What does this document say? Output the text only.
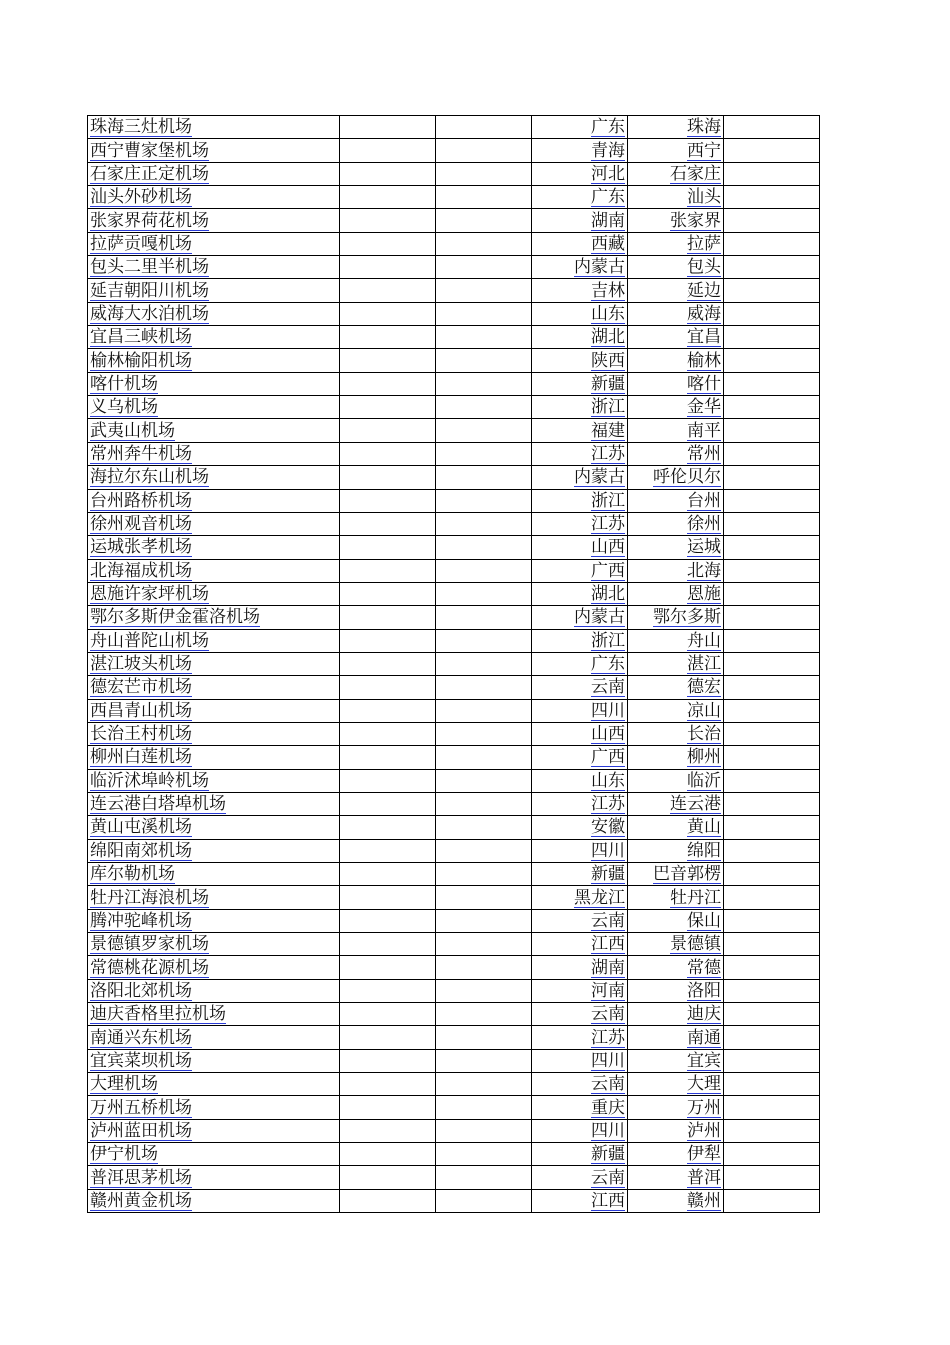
珠海三灶机场			广东	珠海	
西宁曹家堡机场			青海	西宁	
石家庄正定机场			河北	石家庄	
汕头外砂机场			广东	汕头	
张家界荷花机场			湖南	张家界	
拉萨贡嘎机场			西藏	拉萨	
包头二里半机场			内蒙古	包头	
延吉朝阳川机场			吉林	延边	
威海大水泊机场			山东	威海	
宜昌三峡机场			湖北	宜昌	
榆林榆阳机场			陕西	榆林	
喀什机场			新疆	喀什	
义乌机场			浙江	金华	
武夷山机场			福建	南平	
常州奔牛机场			江苏	常州	
海拉尔东山机场			内蒙古	呼伦贝尔	
台州路桥机场			浙江	台州	
徐州观音机场			江苏	徐州	
运城张孝机场			山西	运城	
北海福成机场			广西	北海	
恩施许家坪机场			湖北	恩施	
鄂尔多斯伊金霍洛机场			内蒙古	鄂尔多斯	
舟山普陀山机场			浙江	舟山	
湛江坡头机场			广东	湛江	
德宏芒市机场			云南	德宏	
西昌青山机场			四川	凉山	
长治王村机场			山西	长治	
柳州白莲机场			广西	柳州	
临沂沭埠岭机场			山东	临沂	
连云港白塔埠机场			江苏	连云港	
黄山屯溪机场			安徽	黄山	
绵阳南郊机场			四川	绵阳	
库尔勒机场			新疆	巴音郭楞	
牡丹江海浪机场			黑龙江	牡丹江	
腾冲驼峰机场			云南	保山	
景德镇罗家机场			江西	景德镇	
常德桃花源机场			湖南	常德	
洛阳北郊机场			河南	洛阳	
迪庆香格里拉机场			云南	迪庆	
南通兴东机场			江苏	南通	
宜宾菜坝机场			四川	宜宾	
大理机场			云南	大理	
万州五桥机场			重庆	万州	
泸州蓝田机场			四川	泸州	
伊宁机场			新疆	伊犁	
普洱思茅机场			云南	普洱	
赣州黄金机场			江西	赣州	
